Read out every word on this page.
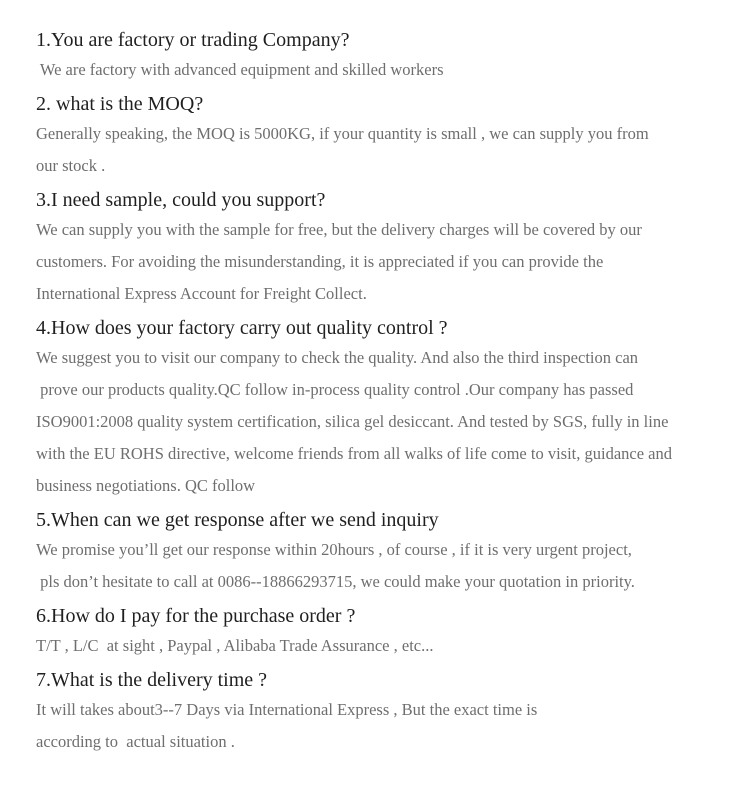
1.You are factory or trading Company?
We are factory with advanced equipment and skilled workers
2. what is the MOQ?
Generally speaking, the MOQ is 5000KG, if your quantity is small , we can supply you from
our stock .
3.I need sample, could you support?
We can supply you with the sample for free, but the delivery charges will be covered by our
customers. For avoiding the misunderstanding, it is appreciated if you can provide the
International Express Account for Freight Collect.
4.How does your factory carry out quality control ?
We suggest you to visit our company to check the quality. And also the third inspection can
prove our products quality.QC follow in-process quality control .Our company has passed
ISO9001:2008 quality system certification, silica gel desiccant. And tested by SGS, fully in line
with the EU ROHS directive, welcome friends from all walks of life come to visit, guidance and
business negotiations. QC follow
5.When can we get response after we send inquiry
We promise you’ll get our response within 20hours , of course , if it is very urgent project,
pls don’t hesitate to call at 0086--18866293715, we could make your quotation in priority.
6.How do I pay for the purchase order ?
T/T , L/C  at sight , Paypal , Alibaba Trade Assurance , etc...
7.What is the delivery time ?
It will takes about3--7 Days via International Express , But the exact time is
according to  actual situation .
